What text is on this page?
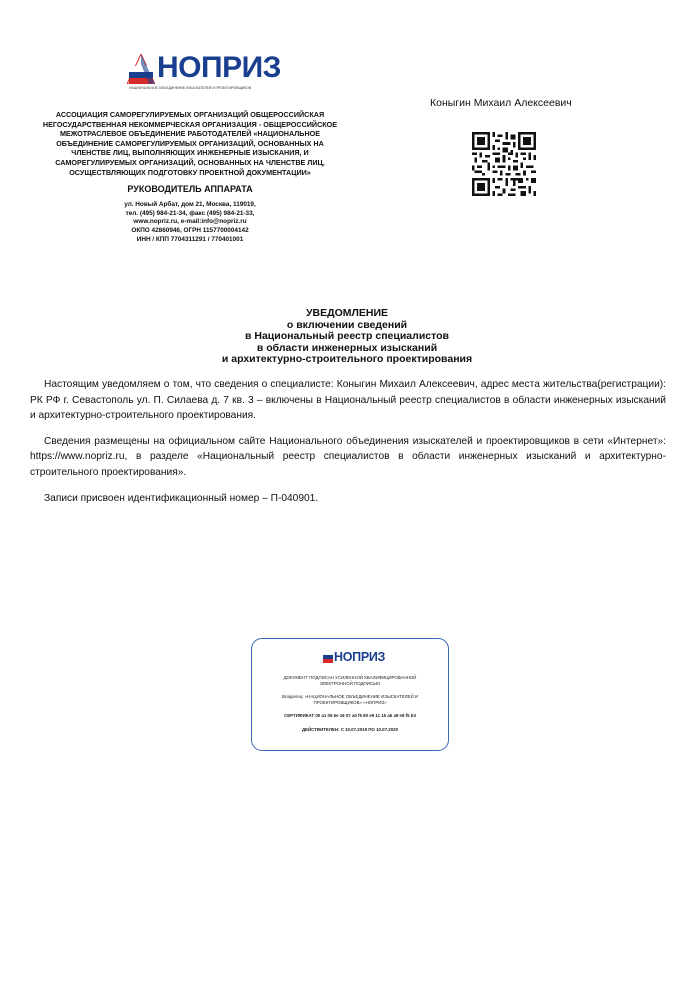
НОПРИЗ
НАЦИОНАЛЬНОЕ ОБЪЕДИНЕНИЕ ИЗЫСКАТЕЛЕЙ И ПРОЕКТИРОВЩИКОВ
АССОЦИАЦИЯ САМОРЕГУЛИРУЕМЫХ ОРГАНИЗАЦИЙ ОБЩЕРОССИЙСКАЯ НЕГОСУДАРСТВЕННАЯ НЕКОММЕРЧЕСКАЯ ОРГАНИЗАЦИЯ - ОБЩЕРОССИЙСКОЕ МЕЖОТРАСЛЕВОЕ ОБЪЕДИНЕНИЕ РАБОТОДАТЕЛЕЙ «НАЦИОНАЛЬНОЕ ОБЪЕДИНЕНИЕ САМОРЕГУЛИРУЕМЫХ ОРГАНИЗАЦИЙ, ОСНОВАННЫХ НА ЧЛЕНСТВЕ ЛИЦ, ВЫПОЛНЯЮЩИХ ИНЖЕНЕРНЫЕ ИЗЫСКАНИЯ, И САМОРЕГУЛИРУЕМЫХ ОРГАНИЗАЦИЙ, ОСНОВАННЫХ НА ЧЛЕНСТВЕ ЛИЦ, ОСУЩЕСТВЛЯЮЩИХ ПОДГОТОВКУ ПРОЕКТНОЙ ДОКУМЕНТАЦИИ»
РУКОВОДИТЕЛЬ АППАРАТА
ул. Новый Арбат, дом 21, Москва, 119019,
тел. (495) 984-21-34, факс (495) 984-21-33,
www.nopriz.ru, e-mail:info@nopriz.ru
ОКПО 42860946, ОГРН 1157700004142
ИНН / КПП 7704311291 / 770401001
Коныгин Михаил Алексеевич
УВЕДОМЛЕНИЕ
о включении сведений
в Национальный реестр специалистов
в области инженерных изысканий
и архитектурно-строительного проектирования

Настоящим уведомляем о том, что сведения о специалисте: Коныгин Михаил Алексеевич, адрес места жительства(регистрации): РК РФ г. Севастополь ул. П. Силаева д. 7 кв. 3 – включены в Национальный реестр специалистов в области инженерных изысканий и архитектурно-строительного проектирования.

Сведения размещены на официальном сайте Национального объединения изыскателей и проектировщиков в сети «Интернет»: https://www.nopriz.ru, в разделе «Национальный реестр специалистов в области инженерных изысканий и архитектурно-строительного проектирования».

Записи присвоен идентификационный номер – П-040901.

НОПРИЗ
ДОКУМЕНТ ПОДПИСАН УСИЛЕННОЙ КВАЛИФИЦИРОВАННОЙ
ЭЛЕКТРОННОЙ ПОДПИСЬЮ
Владелец: «НАЦИОНАЛЬНОЕ ОБЪЕДИНЕНИЕ ИЗЫСКАТЕЛЕЙ И
ПРОЕКТИРОВЩИКОВ» «НОПРИЗ»
СЕРТИФИКАТ 00 a1 05 6e 16 07 a0 f6 80 e9 11 15 a5 a9 e8 f5 b3
ДЕЙСТВИТЕЛЕН: С 10.07.2019 ПО 10.07.2020
